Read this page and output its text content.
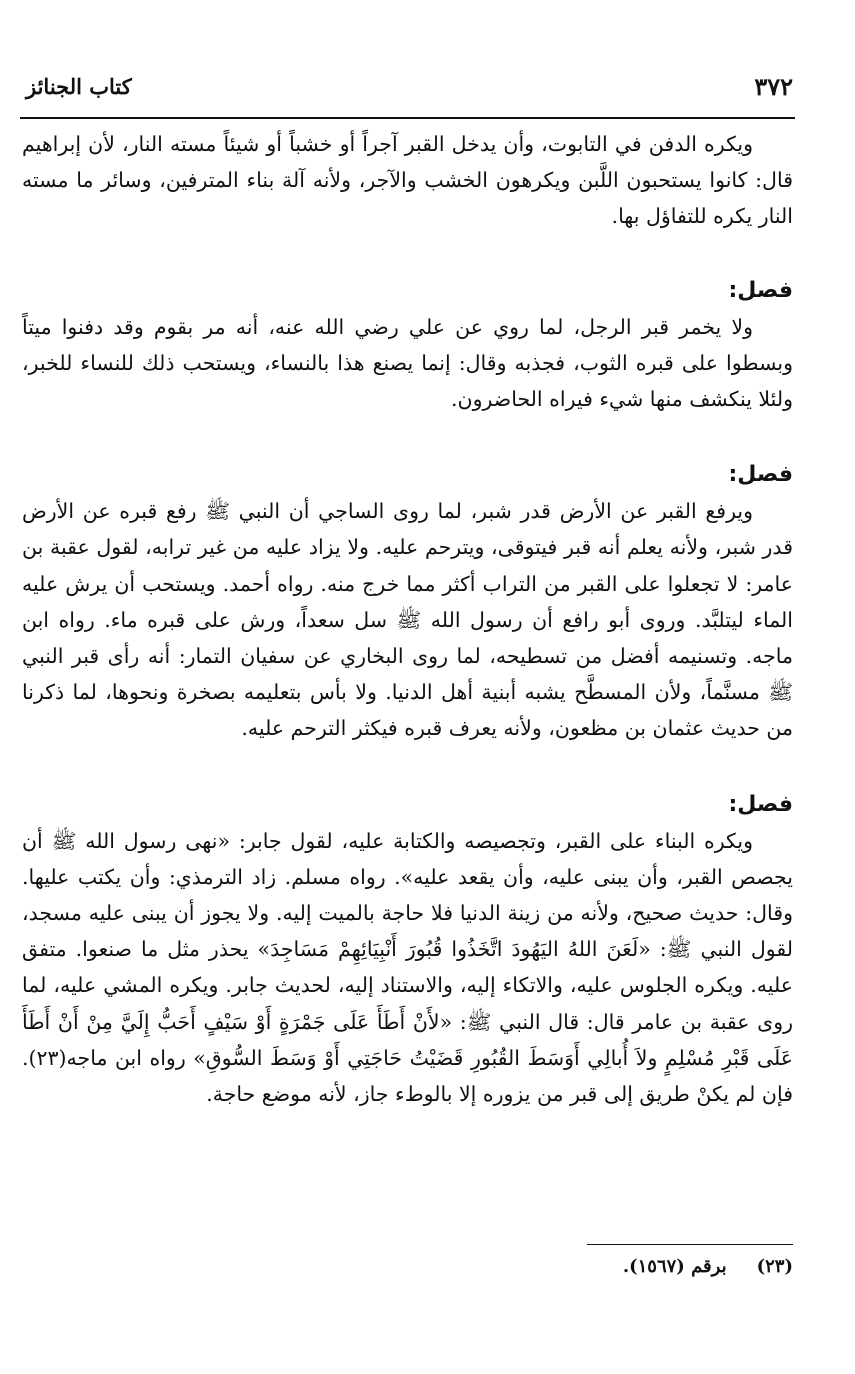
كتاب الجنائز	٣٧٢

ويكره الدفن في التابوت، وأن يدخل القبر آجراً أو خشباً أو شيئاً مسته النار، لأن إبراهيم قال: كانوا يستحبون اللَّبن ويكرهون الخشب والآجر، ولأنه آلة بناء المترفين، وسائر ما مسته النار يكره للتفاؤل بها.

فصل:

ولا يخمر قبر الرجل، لما روي عن علي رضي الله عنه، أنه مر بقوم وقد دفنوا ميتاً وبسطوا على قبره الثوب، فجذبه وقال: إنما يصنع هذا بالنساء، ويستحب ذلك للنساء للخبر، ولئلا ينكشف منها شيء فيراه الحاضرون.

فصل:

ويرفع القبر عن الأرض قدر شبر، لما روى الساجي أن النبي ﷺ رفع قبره عن الأرض قدر شبر، ولأنه يعلم أنه قبر فيتوقى، ويترحم عليه. ولا يزاد عليه من غير ترابه، لقول عقبة بن عامر: لا تجعلوا على القبر من التراب أكثر مما خرج منه. رواه أحمد. ويستحب أن يرش عليه الماء ليتلبَّد. وروى أبو رافع أن رسول الله ﷺ سل سعداً، ورش على قبره ماء. رواه ابن ماجه. وتسنيمه أفضل من تسطيحه، لما روى البخاري عن سفيان التمار: أنه رأى قبر النبي ﷺ مسنَّماً، ولأن المسطَّح يشبه أبنية أهل الدنيا. ولا بأس بتعليمه بصخرة ونحوها، لما ذكرنا من حديث عثمان بن مظعون، ولأنه يعرف قبره فيكثر الترحم عليه.

فصل:

ويكره البناء على القبر، وتجصيصه والكتابة عليه، لقول جابر: «نهى رسول الله ﷺ أن يجصص القبر، وأن يبنى عليه، وأن يقعد عليه». رواه مسلم. زاد الترمذي: وأن يكتب عليها. وقال: حديث صحيح، ولأنه من زينة الدنيا فلا حاجة بالميت إليه. ولا يجوز أن يبنى عليه مسجد، لقول النبي ﷺ: «لَعَنَ اللهُ اليَهُودَ اتَّخَذُوا قُبُورَ أَنْبِيَائِهِمْ مَسَاجِدَ» يحذر مثل ما صنعوا. متفق عليه. ويكره الجلوس عليه، والاتكاء إليه، والاستناد إليه، لحديث جابر. ويكره المشي عليه، لما روى عقبة بن عامر قال: قال النبي ﷺ: «لأَنْ أَطَأَ عَلَى جَمْرَةٍ أَوْ سَيْفٍ أَحَبُّ إِلَيَّ مِنْ أَنْ أَطَأَ عَلَى قَبْرِ مُسْلِمٍ ولاَ أُبالِي أَوَسَطَ القُبُورِ قَضَيْتُ حَاجَتِي أَوْ وَسَطَ السُّوقِ» رواه ابن ماجه(٢٣). فإن لم يكنْ طريق إلى قبر من يزوره إلا بالوطء جاز، لأنه موضع حاجة.

(٢٣)
برقم (١٥٦٧).
